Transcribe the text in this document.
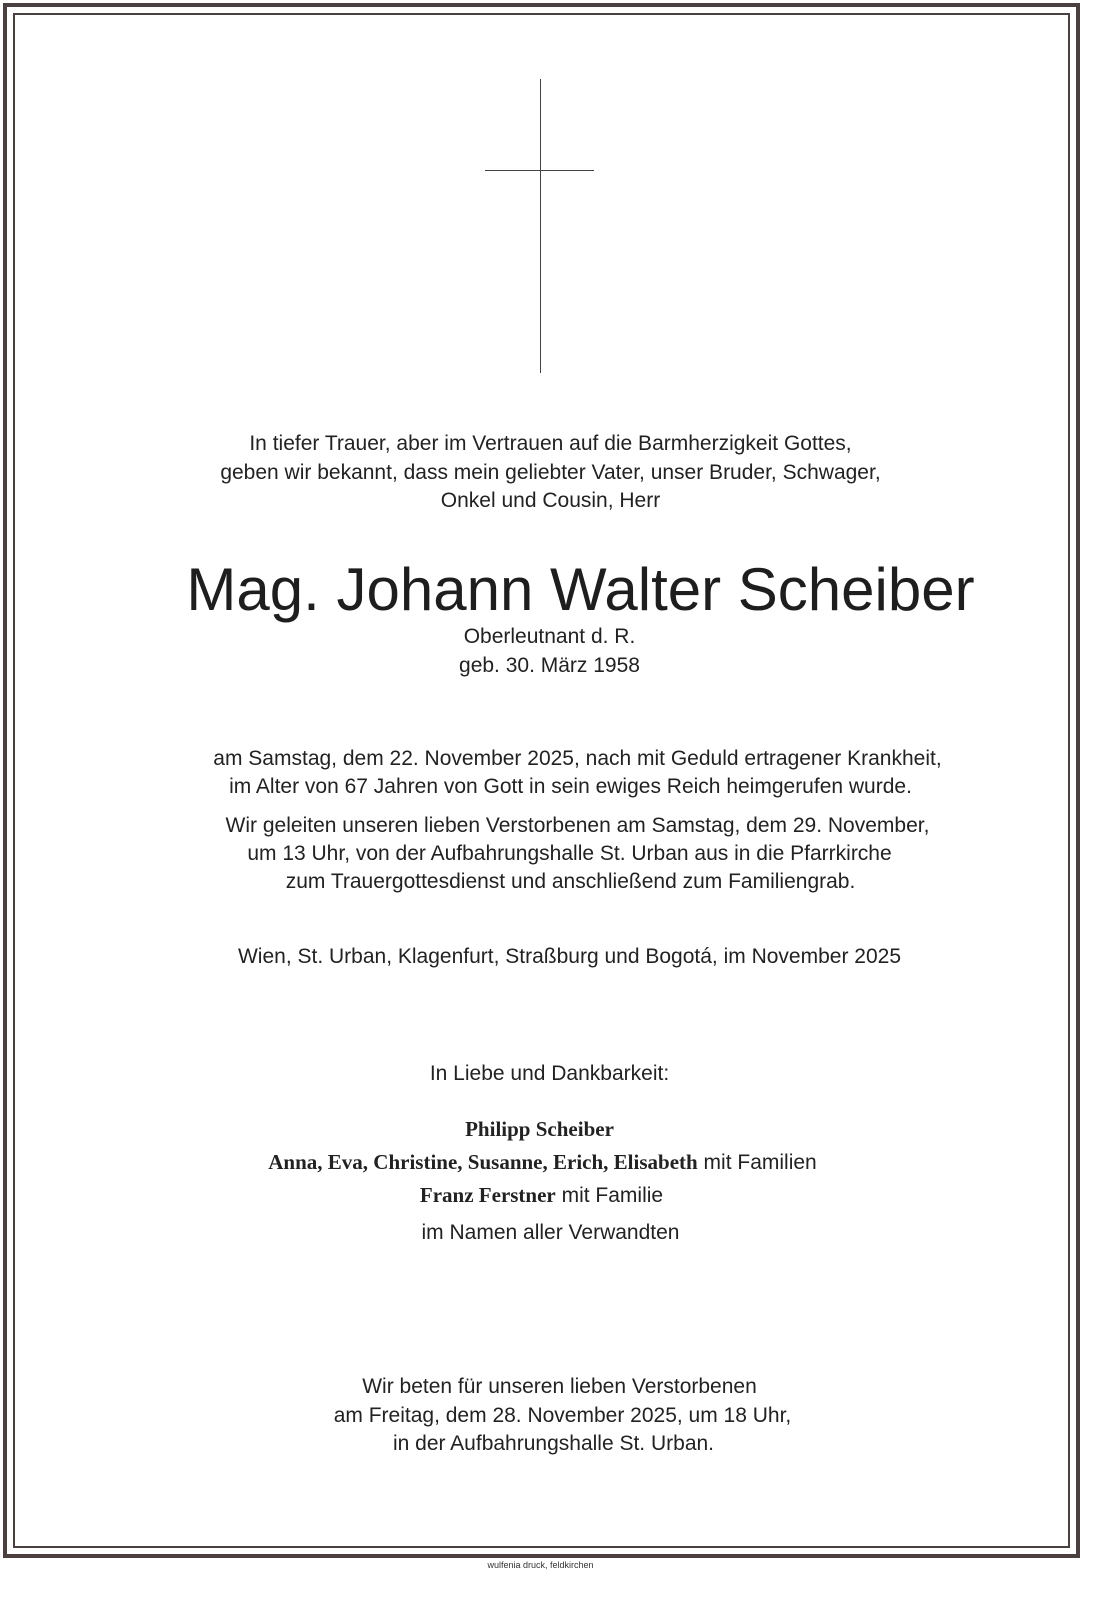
In tiefer Trauer, aber im Vertrauen auf die Barmherzigkeit Gottes,
geben wir bekannt, dass mein geliebter Vater, unser Bruder, Schwager,
Onkel und Cousin, Herr
Mag. Johann Walter Scheiber
Oberleutnant d. R.
geb. 30. März 1958
am Samstag, dem 22. November 2025, nach mit Geduld ertragener Krankheit,
im Alter von 67 Jahren von Gott in sein ewiges Reich heimgerufen wurde.
Wir geleiten unseren lieben Verstorbenen am Samstag, dem 29. November,
um 13 Uhr, von der Aufbahrungshalle St. Urban aus in die Pfarrkirche
zum Trauergottesdienst und anschließend zum Familiengrab.
Wien, St. Urban, Klagenfurt, Straßburg und Bogotá, im November 2025
In Liebe und Dankbarkeit:
Philipp Scheiber
Anna, Eva, Christine, Susanne, Erich, Elisabeth mit Familien
Franz Ferstner mit Familie
im Namen aller Verwandten
Wir beten für unseren lieben Verstorbenen
am Freitag, dem 28. November 2025, um 18 Uhr,
in der Aufbahrungshalle St. Urban.
wulfenia druck, feldkirchen
